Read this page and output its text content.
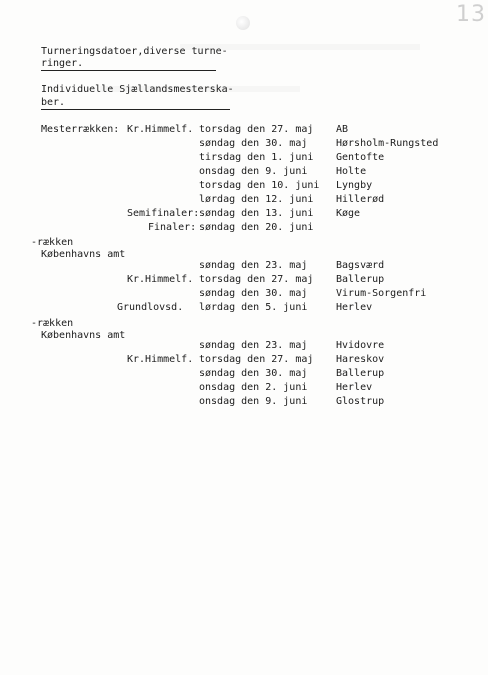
13
Turneringsdatoer,diverse turne-
ringer.
Individuelle Sjællandsmesterska-
ber.
Mesterrækken: Kr.Himmelf. torsdag den 27. maj AB
søndag den 30. maj	Hørsholm-Rungsted
tirsdag den 1. juni Gentofte
onsdag den 9. juni	Holte
torsdag den 10. juni Lyngby
lørdag den 12. juni Hillerød
Semifinaler: søndag den 13. juni Køge
Finaler: søndag den 20. juni
-rækken
Københavns amt
søndag den 23. maj	Bagsværd
Kr.Himmelf. torsdag den 27. maj Ballerup
søndag den 30. maj	Virum-Sorgenfri
Grundlovsd. lørdag den 5. juni	Herlev
-rækken
Københavns amt
søndag den 23. maj	Hvidovre
Kr.Himmelf. torsdag den 27. maj Hareskov
søndag den 30. maj	Ballerup
onsdag den 2. juni	Herlev
onsdag den 9. juni	Glostrup
